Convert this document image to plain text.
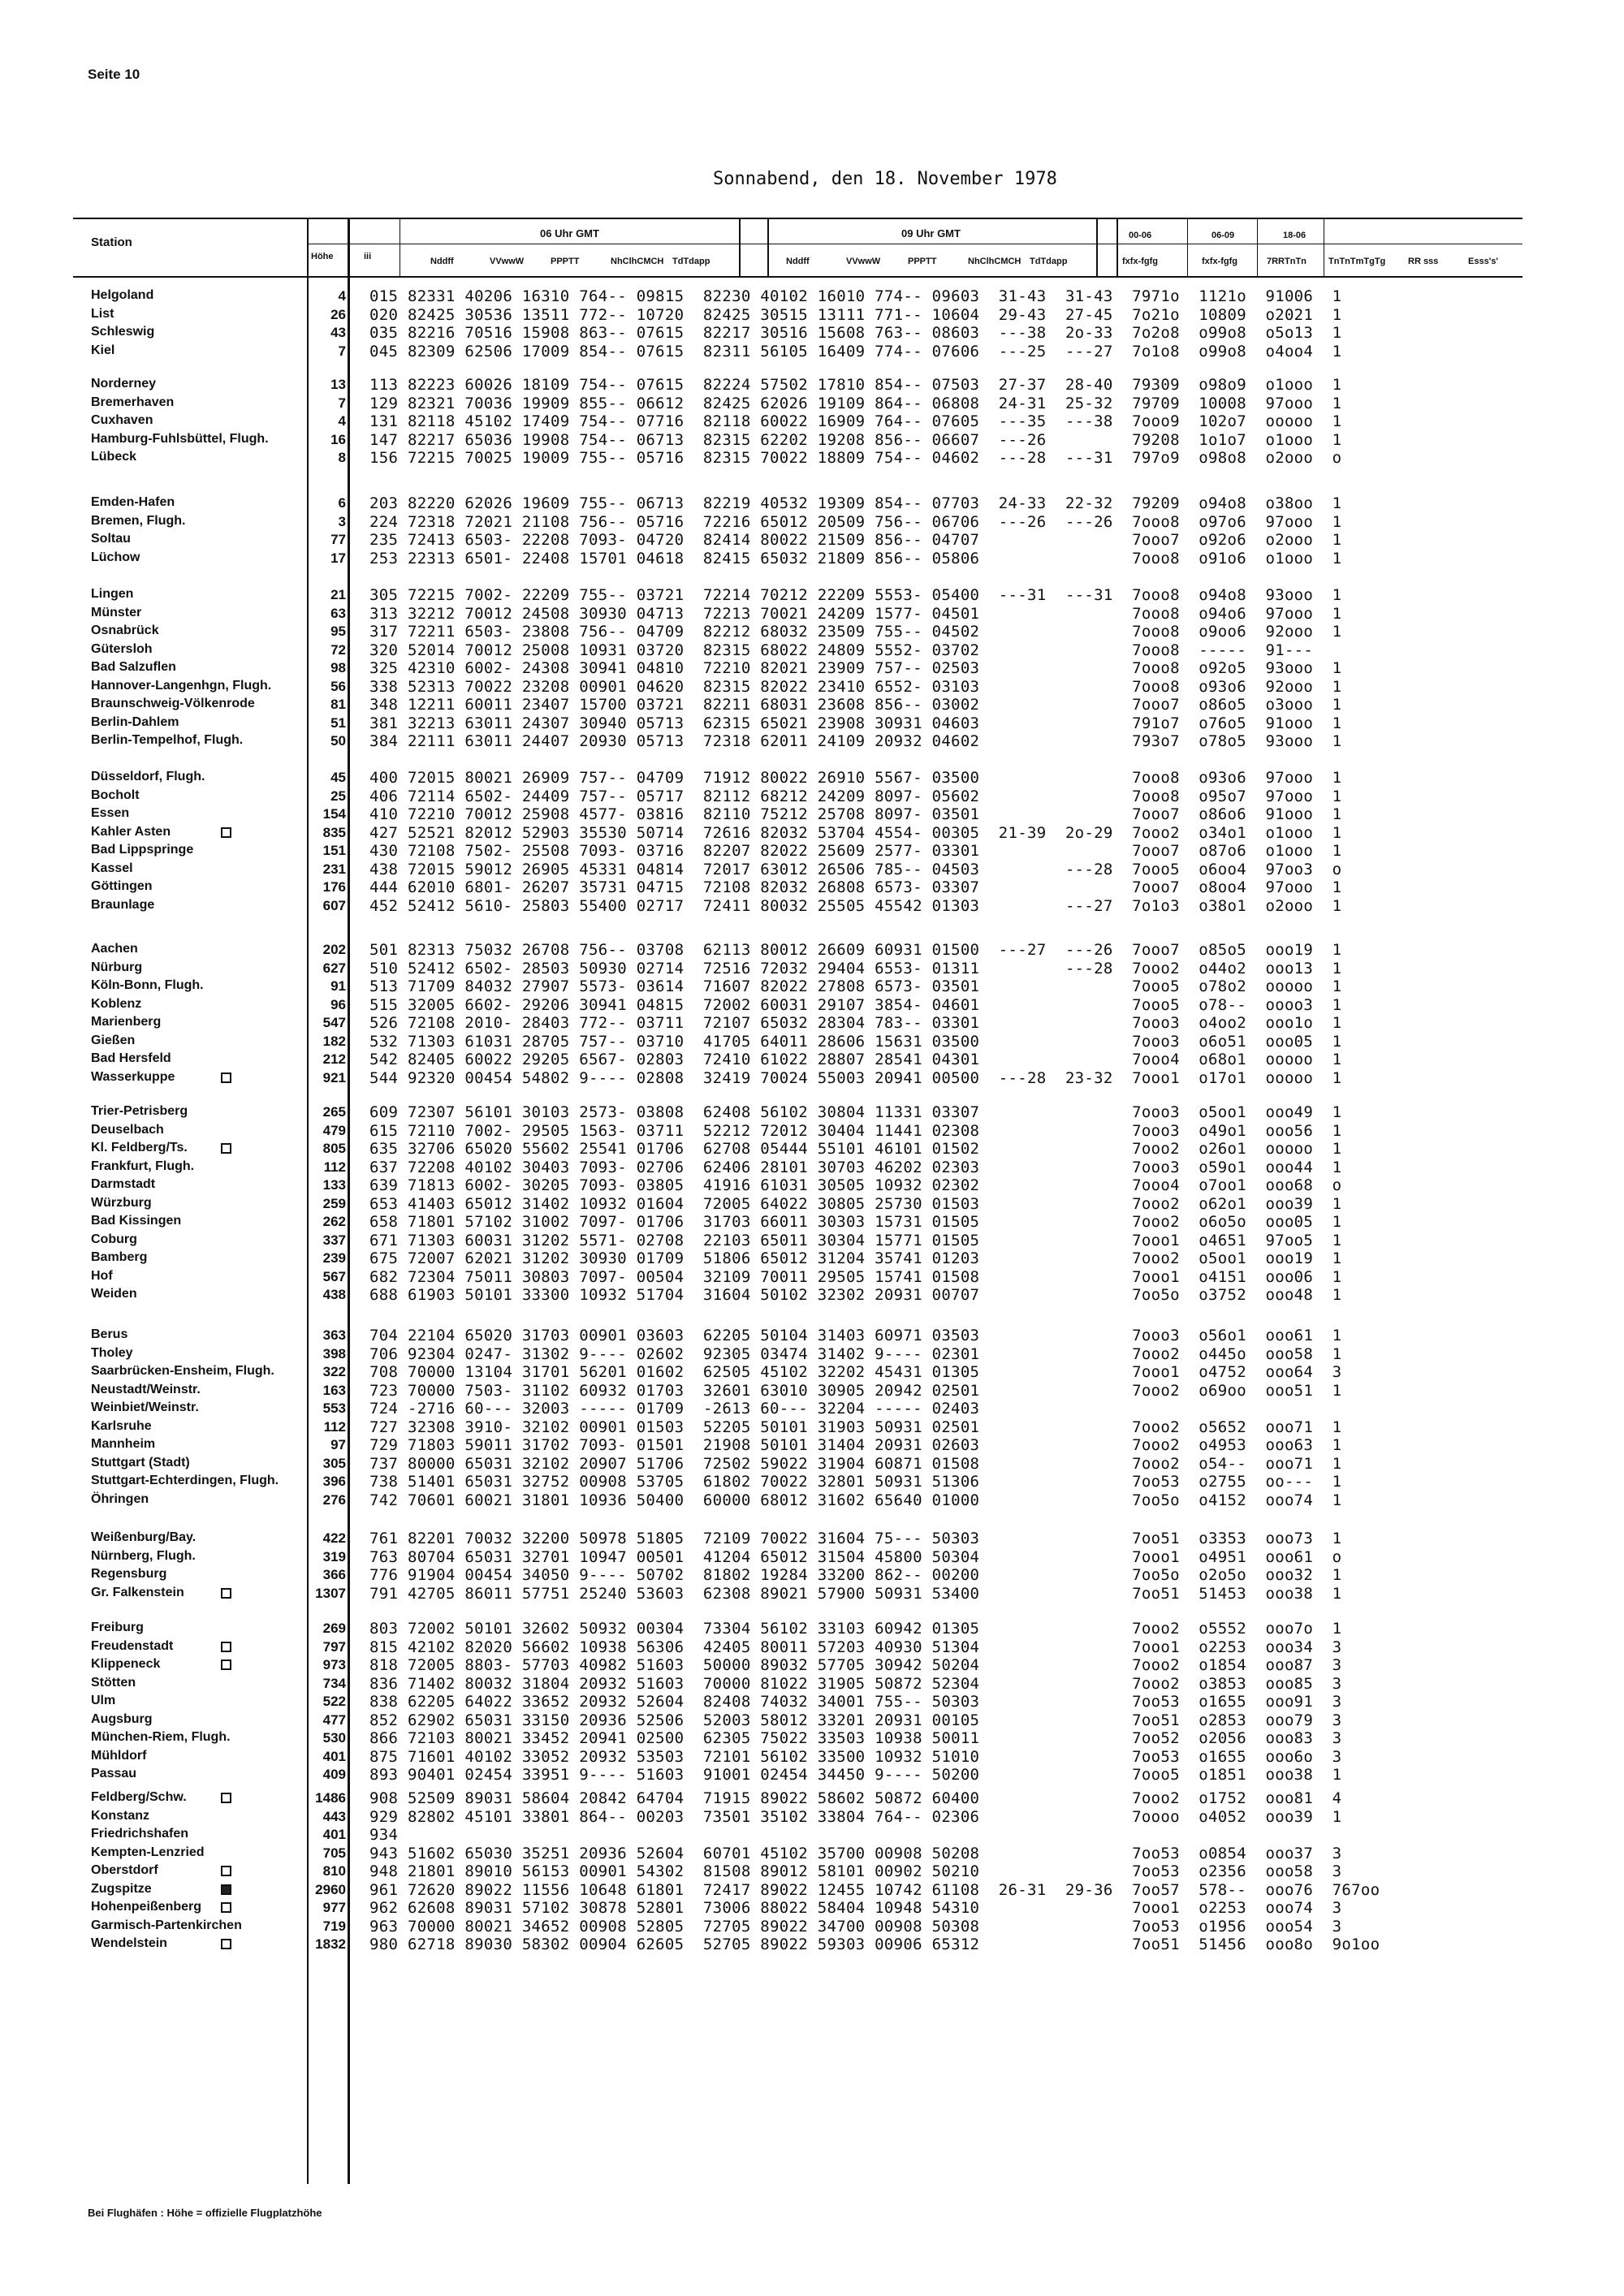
Seite 10
Sonnabend, den 18. November 1978
Station
Höhe	iii
06 Uhr GMT	09 Uhr GMT
Nddff	VVwwW	PPPTT	NhClhCMCH TdTdapp	Nddff	VVwwW	PPPTT	NhClhCMCH TdTdapp
00-06	06-09	18-06
fxfx-fgfg	fxfx-fgfg	7RRTnTn TnTnTmTgTg	RR sss	Esss's'
Helgoland	4 015 82331 40206 16310 764-- 09815  82230 40102 16010 774-- 09603  31-43  31-43  7971o  1121o  91006  1
List	26 020 82425 30536 13511 772-- 10720  82425 30515 13111 771-- 10604  29-43  27-45  7o21o  10809  o2021  1
Schleswig	43 035 82216 70516 15908 863-- 07615  82217 30516 15608 763-- 08603  ---38  2o-33  7o2o8  o99o8  o5o13  1
Kiel	7 045 82309 62506 17009 854-- 07615  82311 56105 16409 774-- 07606  ---25  ---27  7o1o8  o99o8  o4oo4  1
Norderney	13 113 82223 60026 18109 754-- 07615  82224 57502 17810 854-- 07503  27-37  28-40  79309  o98o9  o1ooo  1
Bremerhaven	7 129 82321 70036 19909 855-- 06612  82425 62026 19109 864-- 06808  24-31  25-32  79709  10008  97ooo  1
Cuxhaven	4 131 82118 45102 17409 754-- 07716  82118 60022 16909 764-- 07605  ---35  ---38  7ooo9  102o7  ooooo  1
Hamburg-Fuhlsbüttel, Flugh.	16 147 82217 65036 19908 754-- 06713  82315 62202 19208 856-- 06607  ---26         79208  1o1o7  o1ooo  1
Lübeck	8 156 72215 70025 19009 755-- 05716  82315 70022 18809 754-- 04602  ---28  ---31  797o9  o98o8  o2ooo  o
Emden-Hafen	6 203 82220 62026 19609 755-- 06713  82219 40532 19309 854-- 07703  24-33  22-32  79209  o94o8  o38oo  1
Bremen, Flugh.	3 224 72318 72021 21108 756-- 05716  72216 65012 20509 756-- 06706  ---26  ---26  7ooo8  o97o6  97ooo  1
Soltau	77 235 72413 6503- 22208 7093- 04720  82414 80022 21509 856-- 04707                7ooo7  o92o6  o2ooo  1
Lüchow	17 253 22313 6501- 22408 15701 04618  82415 65032 21809 856-- 05806                7ooo8  o91o6  o1ooo  1
Lingen	21 305 72215 7002- 22209 755-- 03721  72214 70212 22209 5553- 05400  ---31  ---31  7ooo8  o94o8  93ooo  1
Münster	63 313 32212 70012 24508 30930 04713  72213 70021 24209 1577- 04501                7ooo8  o94o6  97ooo  1
Osnabrück	95 317 72211 6503- 23808 756-- 04709  82212 68032 23509 755-- 04502                7ooo8  o9oo6  92ooo  1
Gütersloh	72 320 52014 70012 25008 10931 03720  82315 68022 24809 5552- 03702                7ooo8  -----  91---
Bad Salzuflen	98 325 42310 6002- 24308 30941 04810  72210 82021 23909 757-- 02503                7ooo8  o92o5  93ooo  1
Hannover-Langenhgn, Flugh.	56 338 52313 70022 23208 00901 04620  82315 82022 23410 6552- 03103                7ooo8  o93o6  92ooo  1
Braunschweig-Völkenrode	81 348 12211 60011 23407 15700 03721  82211 68031 23608 856-- 03002                7ooo7  o86o5  o3ooo  1
Berlin-Dahlem	51 381 32213 63011 24307 30940 05713  62315 65021 23908 30931 04603                791o7  o76o5  91ooo  1
Berlin-Tempelhof, Flugh.	50 384 22111 63011 24407 20930 05713  72318 62011 24109 20932 04602                793o7  o78o5  93ooo  1
Düsseldorf, Flugh.	45 400 72015 80021 26909 757-- 04709  71912 80022 26910 5567- 03500                7ooo8  o93o6  97ooo  1
Bocholt	25 406 72114 6502- 24409 757-- 05717  82112 68212 24209 8097- 05602                7ooo8  o95o7  97ooo  1
Essen	154 410 72210 70012 25908 4577- 03816  82110 75212 25708 8097- 03501                7ooo7  o86o6  91ooo  1
Kahler Asten	835 427 52521 82012 52903 35530 50714  72616 82032 53704 4554- 00305  21-39  2o-29  7ooo2  o34o1  o1ooo  1
Bad Lippspringe	151 430 72108 7502- 25508 7093- 03716  82207 82022 25609 2577- 03301                7ooo7  o87o6  o1ooo  1
Kassel	231 438 72015 59012 26905 45331 04814  72017 63012 26506 785-- 04503         ---28  7ooo5  o6oo4  97oo3  o
Göttingen	176 444 62010 6801- 26207 35731 04715  72108 82032 26808 6573- 03307                7ooo7  o8oo4  97ooo  1
Braunlage	607 452 52412 5610- 25803 55400 02717  72411 80032 25505 45542 01303         ---27  7o1o3  o38o1  o2ooo  1
Aachen	202 501 82313 75032 26708 756-- 03708  62113 80012 26609 60931 01500  ---27  ---26  7ooo7  o85o5  ooo19  1
Nürburg	627 510 52412 6502- 28503 50930 02714  72516 72032 29404 6553- 01311         ---28  7ooo2  o44o2  ooo13  1
Köln-Bonn, Flugh.	91 513 71709 84032 27907 5573- 03614  71607 82022 27808 6573- 03501                7ooo5  o78o2  ooooo  1
Koblenz	96 515 32005 6602- 29206 30941 04815  72002 60031 29107 3854- 04601                7ooo5  o78--  oooo3  1
Marienberg	547 526 72108 2010- 28403 772-- 03711  72107 65032 28304 783-- 03301                7ooo3  o4oo2  ooo1o  1
Gießen	182 532 71303 61031 28705 757-- 03710  41705 64011 28606 15631 03500                7ooo3  o6o51  ooo05  1
Bad Hersfeld	212 542 82405 60022 29205 6567- 02803  72410 61022 28807 28541 04301                7ooo4  o68o1  ooooo  1
Wasserkuppe	921 544 92320 00454 54802 9---- 02808  32419 70024 55003 20941 00500  ---28  23-32  7ooo1  o17o1  ooooo  1
Trier-Petrisberg	265 609 72307 56101 30103 2573- 03808  62408 56102 30804 11331 03307                7ooo3  o5oo1  ooo49  1
Deuselbach	479 615 72110 7002- 29505 1563- 03711  52212 72012 30404 11441 02308                7ooo3  o49o1  ooo56  1
Kl. Feldberg/Ts.	805 635 32706 65020 55602 25541 01706  62708 05444 55101 46101 01502                7ooo2  o26o1  ooooo  1
Frankfurt, Flugh.	112 637 72208 40102 30403 7093- 02706  62406 28101 30703 46202 02303                7ooo3  o59o1  ooo44  1
Darmstadt	133 639 71813 6002- 30205 7093- 03805  41916 61031 30505 10932 02302                7ooo4  o7oo1  ooo68  o
Würzburg	259 653 41403 65012 31402 10932 01604  72005 64022 30805 25730 01503                7ooo2  o62o1  ooo39  1
Bad Kissingen	262 658 71801 57102 31002 7097- 01706  31703 66011 30303 15731 01505                7ooo2  o6o5o  ooo05  1
Coburg	337 671 71303 60031 31202 5571- 02708  22103 65011 30304 15771 01505                7ooo1  o4651  97oo5  1
Bamberg	239 675 72007 62021 31202 30930 01709  51806 65012 31204 35741 01203                7ooo2  o5oo1  ooo19  1
Hof	567 682 72304 75011 30803 7097- 00504  32109 70011 29505 15741 01508                7ooo1  o4151  ooo06  1
Weiden	438 688 61903 50101 33300 10932 51704  31604 50102 32302 20931 00707                7oo5o  o3752  ooo48  1
Berus	363 704 22104 65020 31703 00901 03603  62205 50104 31403 60971 03503                7ooo3  o56o1  ooo61  1
Tholey	398 706 92304 0247- 31302 9---- 02602  92305 03474 31402 9---- 02301                7ooo2  o445o  ooo58  1
Saarbrücken-Ensheim, Flugh.	322 708 70000 13104 31701 56201 01602  62505 45102 32202 45431 01305                7ooo1  o4752  ooo64  3
Neustadt/Weinstr.	163 723 70000 7503- 31102 60932 01703  32601 63010 30905 20942 02501                7ooo2  o69oo  ooo51  1
Weinbiet/Weinstr.	553 724 -2716 60--- 32003 ----- 01709  -2613 60--- 32204 ----- 02403
Karlsruhe	112 727 32308 3910- 32102 00901 01503  52205 50101 31903 50931 02501                7ooo2  o5652  ooo71  1
Mannheim	97 729 71803 59011 31702 7093- 01501  21908 50101 31404 20931 02603                7ooo2  o4953  ooo63  1
Stuttgart (Stadt)	305 737 80000 65031 32102 20907 51706  72502 59022 31904 60871 01508                7ooo2  o54--  ooo71  1
Stuttgart-Echterdingen, Flugh.	396 738 51401 65031 32752 00908 53705  61802 70022 32801 50931 51306                7oo53  o2755  oo---  1
Öhringen	276 742 70601 60021 31801 10936 50400  60000 68012 31602 65640 01000                7oo5o  o4152  ooo74  1
Weißenburg/Bay.	422 761 82201 70032 32200 50978 51805  72109 70022 31604 75--- 50303                7oo51  o3353  ooo73  1
Nürnberg, Flugh.	319 763 80704 65031 32701 10947 00501  41204 65012 31504 45800 50304                7ooo1  o4951  ooo61  o
Regensburg	366 776 91904 00454 34050 9---- 50702  81802 19284 33200 862-- 00200                7oo5o  o2o5o  ooo32  1
Gr. Falkenstein	1307 791 42705 86011 57751 25240 53603  62308 89021 57900 50931 53400                7oo51  51453  ooo38  1
Freiburg	269 803 72002 50101 32602 50932 00304  73304 56102 33103 60942 01305                7ooo2  o5552  ooo7o  1
Freudenstadt	797 815 42102 82020 56602 10938 56306  42405 80011 57203 40930 51304                7ooo1  o2253  ooo34  3
Klippeneck	973 818 72005 8803- 57703 40982 51603  50000 89032 57705 30942 50204                7ooo2  o1854  ooo87  3
Stötten	734 836 71402 80032 31804 20932 51603  70000 81022 31905 50872 52304                7ooo2  o3853  ooo85  3
Ulm	522 838 62205 64022 33652 20932 52604  82408 74032 34001 755-- 50303                7oo53  o1655  ooo91  3
Augsburg	477 852 62902 65031 33150 20936 52506  52003 58012 33201 20931 00105                7oo51  o2853  ooo79  3
München-Riem, Flugh.	530 866 72103 80021 33452 20941 02500  62305 75022 33503 10938 50011                7oo52  o2056  ooo83  3
Mühldorf	401 875 71601 40102 33052 20932 53503  72101 56102 33500 10932 51010                7oo53  o1655  ooo6o  3
Passau	409 893 90401 02454 33951 9---- 51603  91001 02454 34450 9---- 50200                7ooo5  o1851  ooo38  1
Feldberg/Schw.	1486 908 52509 89031 58604 20842 64704  71915 89022 58602 50872 60400                7ooo2  o1752  ooo81  4
Konstanz	443 929 82802 45101 33801 864-- 00203  73501 35102 33804 764-- 02306                7oooo  o4052  ooo39  1
Friedrichshafen	401 934
Kempten-Lenzried	705 943 51602 65030 35251 20936 52604  60701 45102 35700 00908 50208                7oo53  o0854  ooo37  3
Oberstdorf	810 948 21801 89010 56153 00901 54302  81508 89012 58101 00902 50210                7oo53  o2356  ooo58  3
Zugspitze	2960 961 72620 89022 11556 10648 61801  72417 89022 12455 10742 61108  26-31  29-36  7oo57  578--  ooo76  767oo
Hohenpeißenberg	977 962 62608 89031 57102 30878 52801  73006 88022 58404 10948 54310                7ooo1  o2253  ooo74  3
Garmisch-Partenkirchen	719 963 70000 80021 34652 00908 52805  72705 89022 34700 00908 50308                7oo53  o1956  ooo54  3
Wendelstein	1832 980 62718 89030 58302 00904 62605  52705 89022 59303 00906 65312                7oo51  51456  ooo8o  9o1oo
Bei Flughäfen : Höhe = offizielle Flugplatzhöhe
